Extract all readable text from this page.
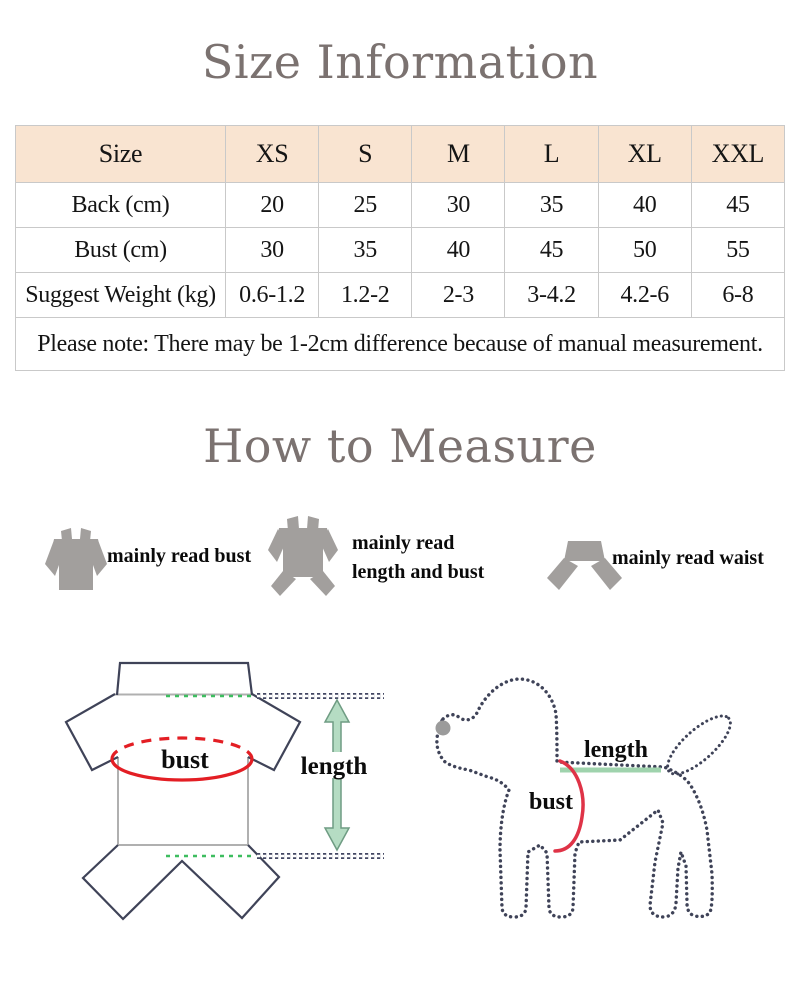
Size Information
Size	XS	S	M	L	XL	XXL
Back (cm)	20	25	30	35	40	45
Bust (cm)	30	35	40	45	50	55
Suggest Weight (kg)	0.6-1.2	1.2-2	2-3	3-4.2	4.2-6	6-8
Please note: There may be 1-2cm difference because of manual measurement.						
How to Measure
mainly read bust
mainly read
length and bust
mainly read waist
bust	length
length
bust
